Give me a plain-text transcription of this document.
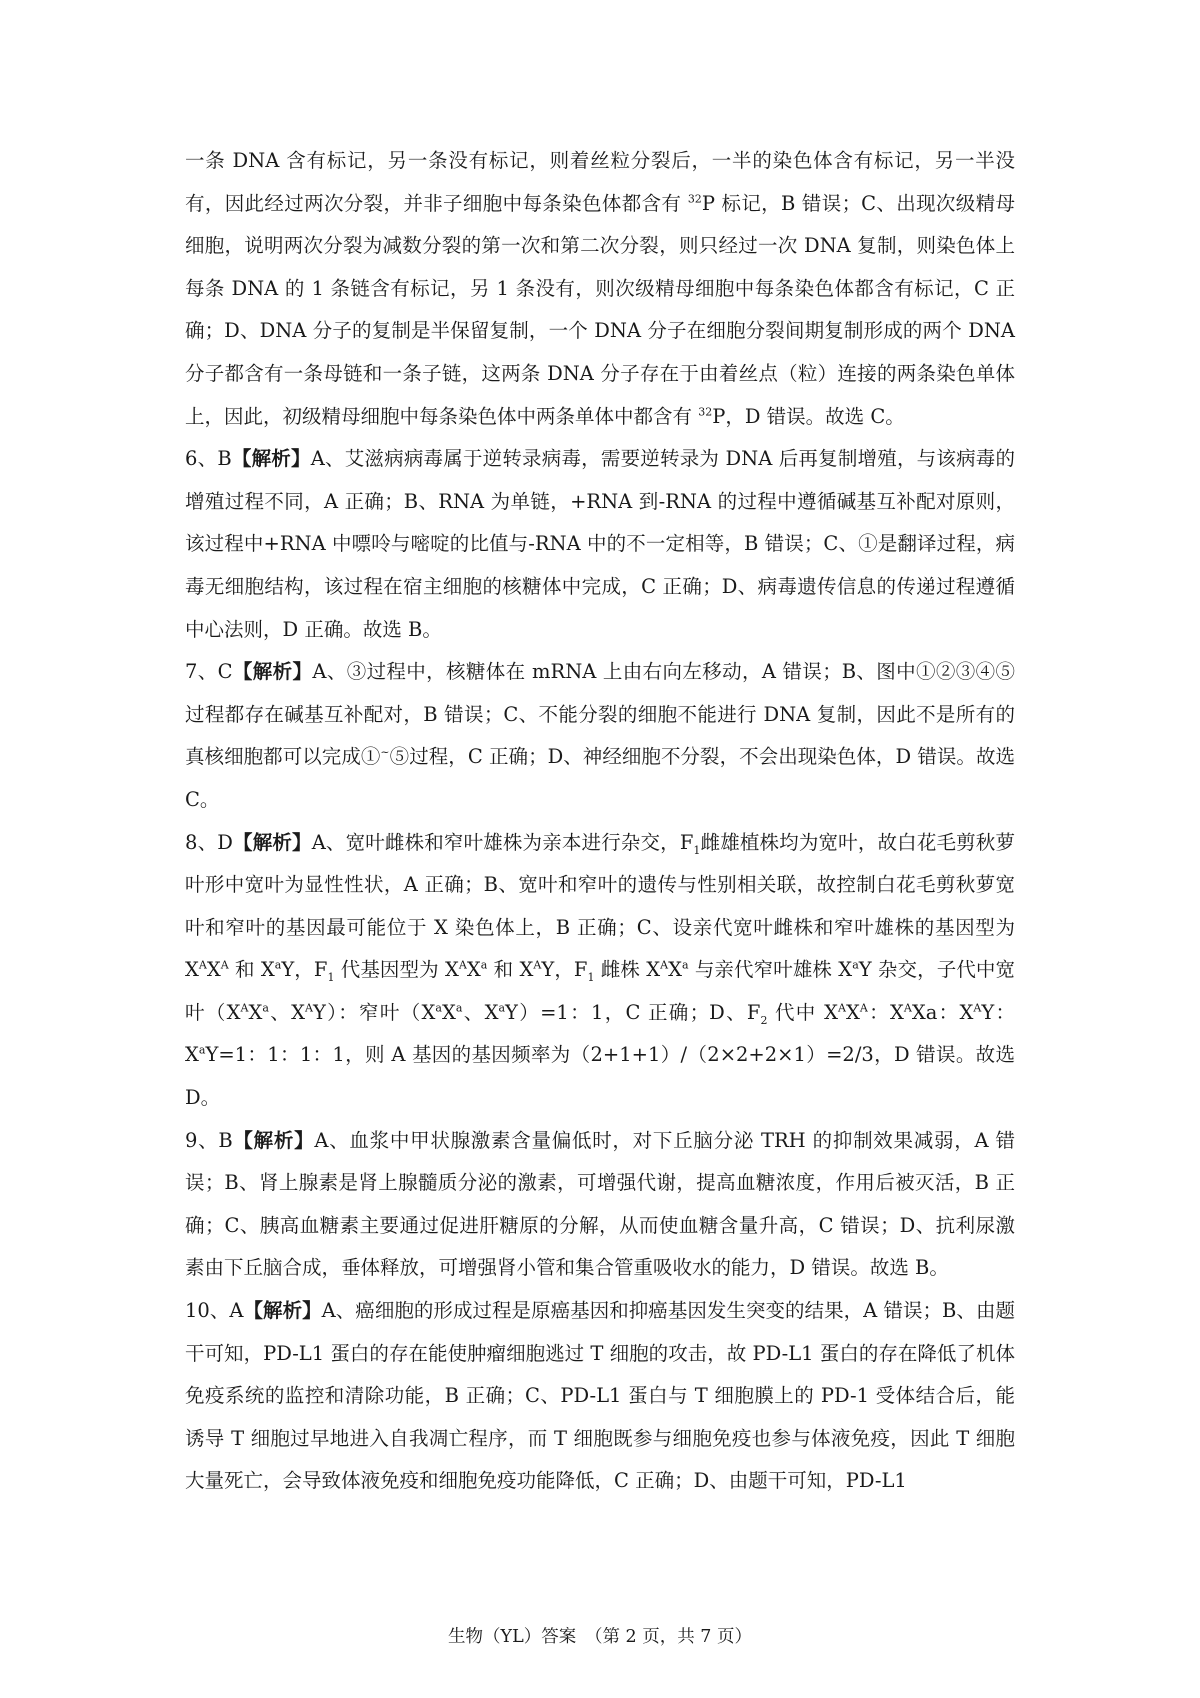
一条 DNA 含有标记，另一条没有标记，则着丝粒分裂后，一半的染色体含有标记，另一半没有，因此经过两次分裂，并非子细胞中每条染色体都含有 $^{32}$P 标记，B 错误；C、出现次级精母细胞，说明两次分裂为减数分裂的第一次和第二次分裂，则只经过一次 DNA 复制，则染色体上每条 DNA 的 1 条链含有标记，另 1 条没有，则次级精母细胞中每条染色体都含有标记，C 正确；D、DNA 分子的复制是半保留复制，一个 DNA 分子在细胞分裂间期复制形成的两个 DNA 分子都含有一条母链和一条子链，这两条 DNA 分子存在于由着丝点（粒）连接的两条染色单体上，因此，初级精母细胞中每条染色体中两条单体中都含有 $^{32}$P，D 错误。故选 C。

6、B【解析】A、艾滋病病毒属于逆转录病毒，需要逆转录为 DNA 后再复制增殖，与该病毒的增殖过程不同，A 正确；B、RNA 为单链，+RNA 到-RNA 的过程中遵循碱基互补配对原则，该过程中+RNA 中嘌呤与嘧啶的比值与-RNA 中的不一定相等，B 错误；C、①是翻译过程，病毒无细胞结构，该过程在宿主细胞的核糖体中完成，C 正确；D、病毒遗传信息的传递过程遵循中心法则，D 正确。故选 B。

7、C【解析】A、③过程中，核糖体在 mRNA 上由右向左移动，A 错误；B、图中①②③④⑤过程都存在碱基互补配对，B 错误；C、不能分裂的细胞不能进行 DNA 复制，因此不是所有的真核细胞都可以完成①~⑤过程，C 正确；D、神经细胞不分裂，不会出现染色体，D 错误。故选 C。

8、D【解析】A、宽叶雌株和窄叶雄株为亲本进行杂交，$F_1$雌雄植株均为宽叶，故白花毛剪秋萝叶形中宽叶为显性性状，A 正确；B、宽叶和窄叶的遗传与性别相关联，故控制白花毛剪秋萝宽叶和窄叶的基因最可能位于 X 染色体上，B 正确；C、设亲代宽叶雌株和窄叶雄株的基因型为 $X^AX^A$ 和 $X^aY$，$F_1$ 代基因型为 $X^AX^a$ 和 $X^AY$，$F_1$ 雌株 $X^AX^a$ 与亲代窄叶雄株 $X^aY$ 杂交，子代中宽叶（$X^AX^a$、$X^AY$）：窄叶（$X^aX^a$、$X^aY)=1$：1，C 正确；D、$F_2$ 代中 $X^AX^A$：$X^AXa$：$X^AY$：$X^aY=1$：1：1：1，则 A 基因的基因频率为（2+1+1）/（2×2+2×1）=2/3，D 错误。故选 D。

9、B【解析】A、血浆中甲状腺激素含量偏低时，对下丘脑分泌 TRH 的抑制效果减弱，A 错误；B、肾上腺素是肾上腺髓质分泌的激素，可增强代谢，提高血糖浓度，作用后被灭活，B 正确；C、胰高血糖素主要通过促进肝糖原的分解，从而使血糖含量升高，C 错误；D、抗利尿激素由下丘脑合成，垂体释放，可增强肾小管和集合管重吸收水的能力，D 错误。故选 B。

10、A【解析】A、癌细胞的形成过程是原癌基因和抑癌基因发生突变的结果，A 错误；B、由题干可知，PD-L1 蛋白的存在能使肿瘤细胞逃过 T 细胞的攻击，故 PD-L1 蛋白的存在降低了机体免疫系统的监控和清除功能，B 正确；C、PD-L1 蛋白与 T 细胞膜上的 PD-1 受体结合后，能诱导 T 细胞过早地进入自我凋亡程序，而 T 细胞既参与细胞免疫也参与体液免疫，因此 T 细胞大量死亡，会导致体液免疫和细胞免疫功能降低，C 正确；D、由题干可知，PD-L1

生物（YL）答案　（第 2 页，共 7 页）
